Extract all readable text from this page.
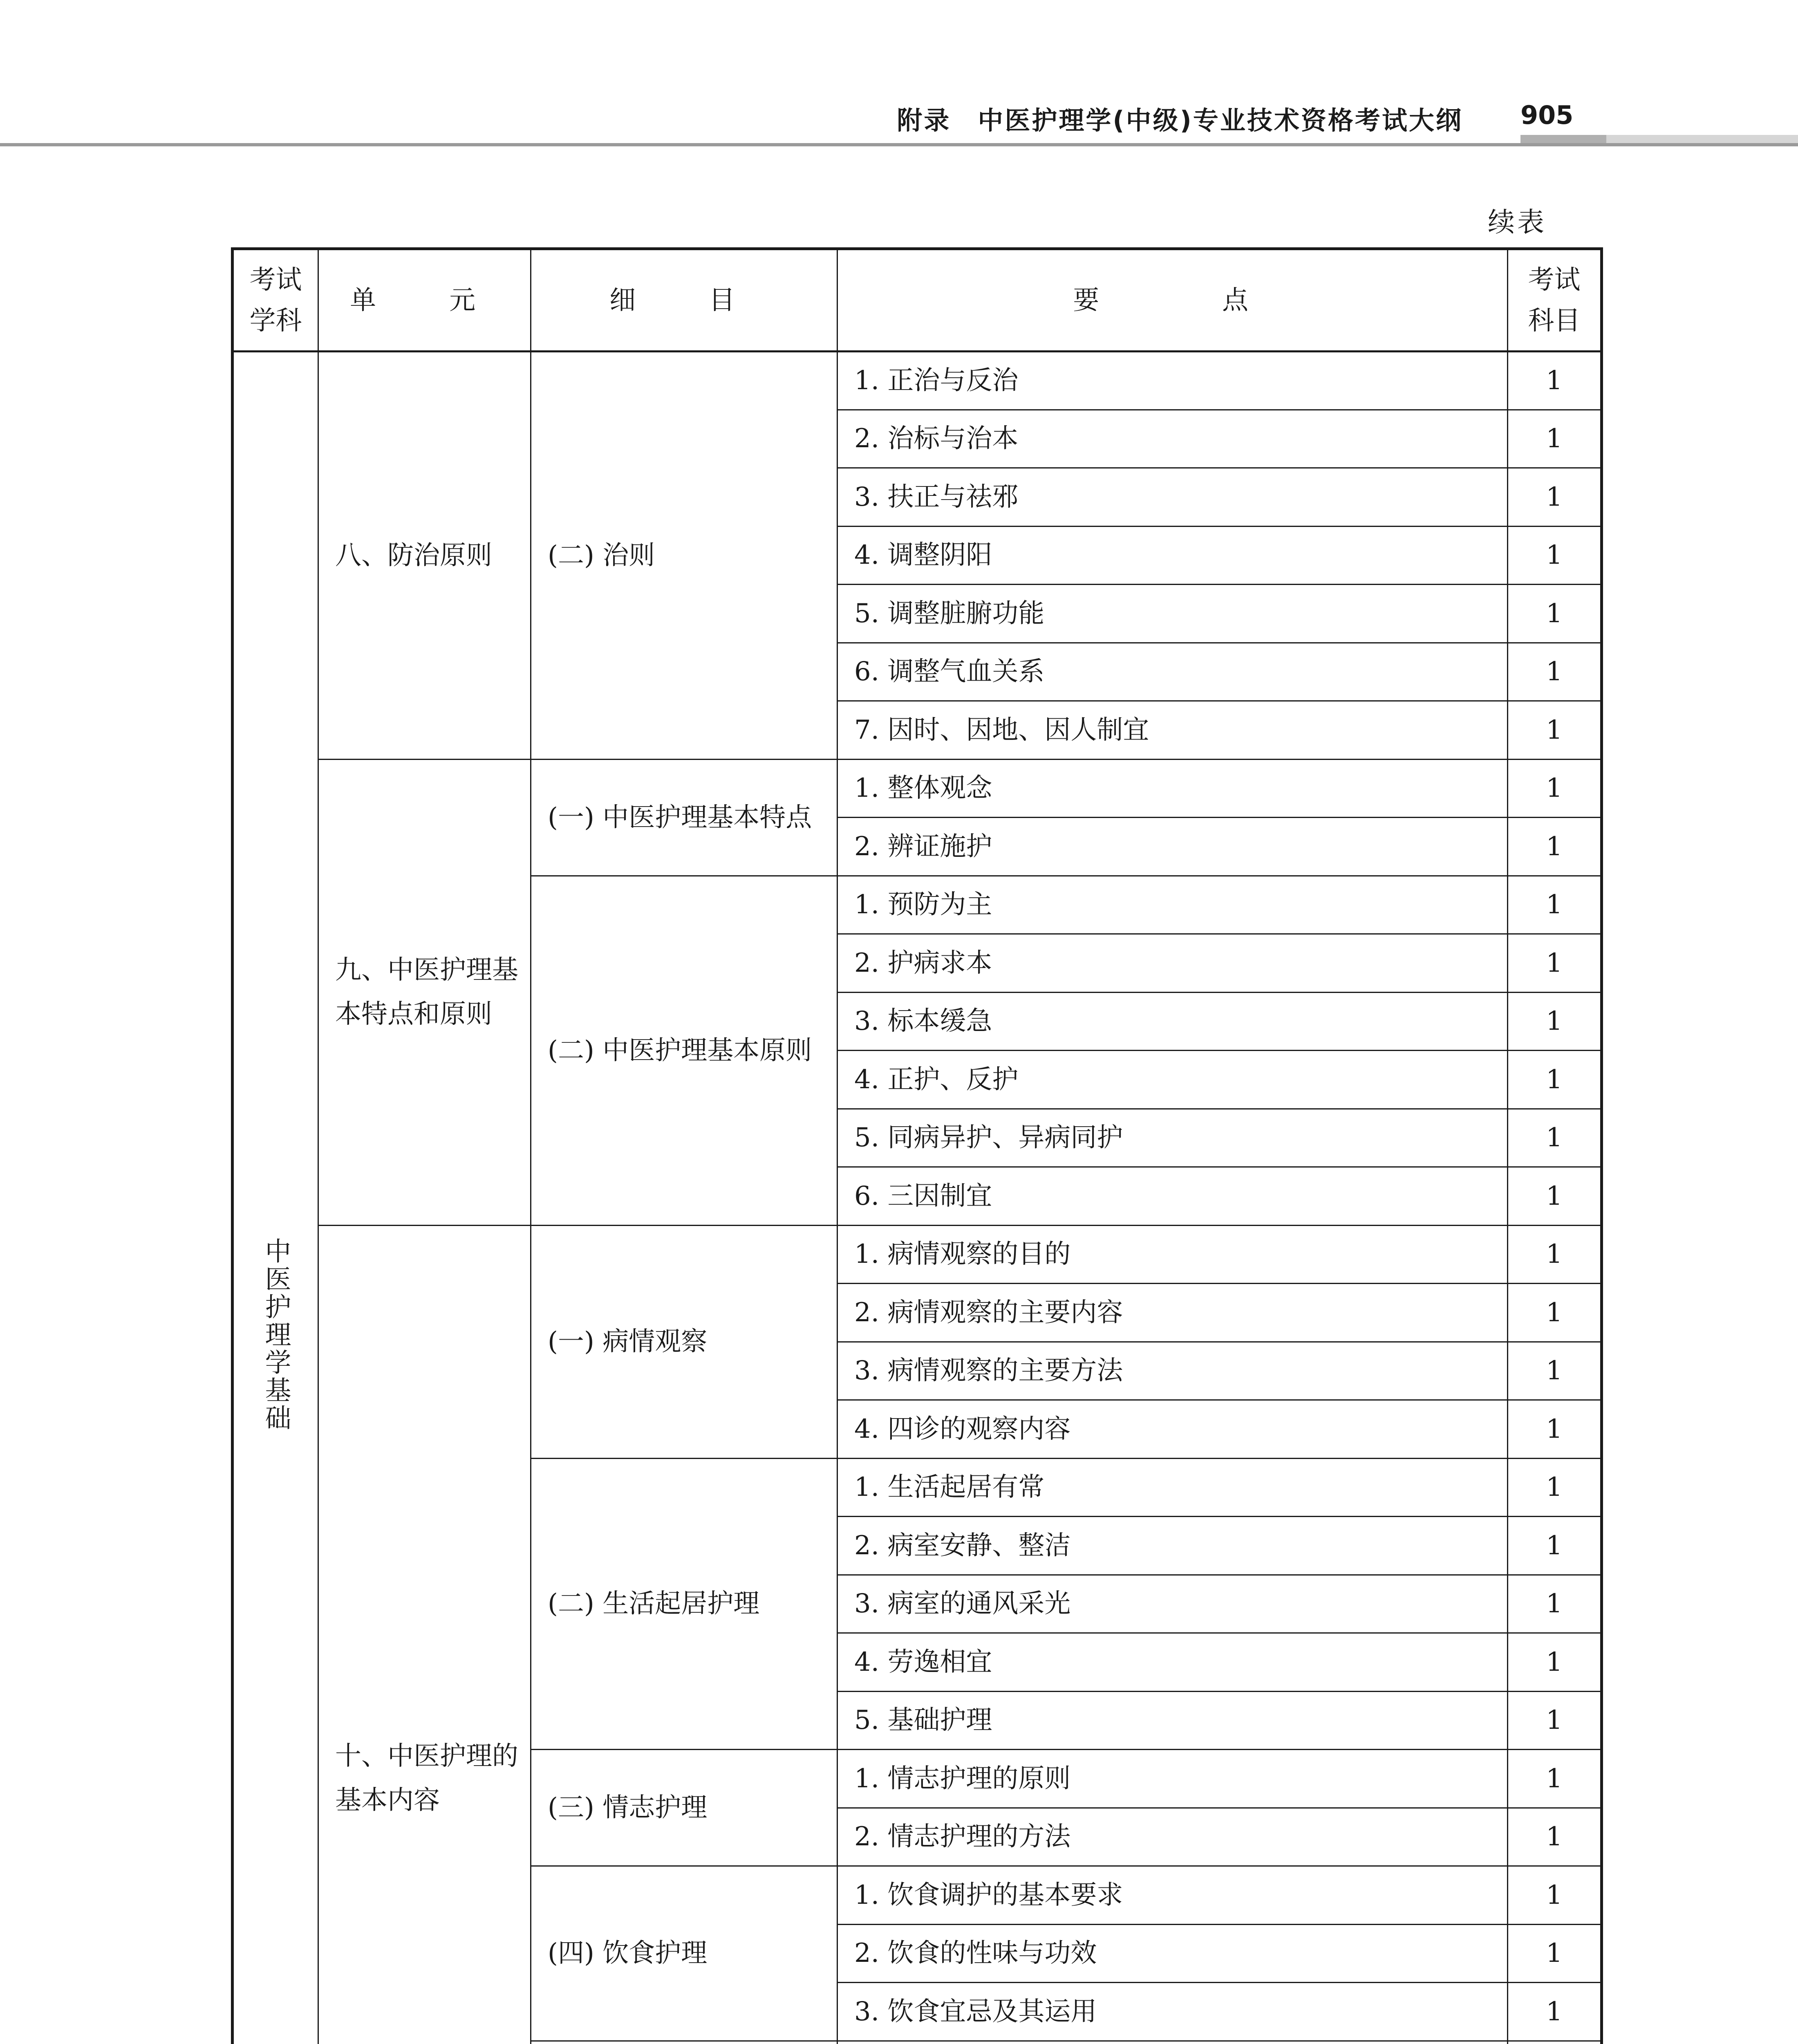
附录　中医护理学(中级)专业技术资格考试大纲 905
续表
考试学科	单　元	细　目	要　　点	考试科目
中医护理学基础	八、防治原则	(二) 治则	1. 正治与反治	1
			2. 治标与治本	1
			3. 扶正与祛邪	1
			4. 调整阴阳	1
			5. 调整脏腑功能	1
			6. 调整气血关系	1
			7. 因时、因地、因人制宜	1
	九、中医护理基本特点和原则	(一) 中医护理基本特点	1. 整体观念	1
			2. 辨证施护	1
		(二) 中医护理基本原则	1. 预防为主	1
			2. 护病求本	1
			3. 标本缓急	1
			4. 正护、反护	1
			5. 同病异护、异病同护	1
			6. 三因制宜	1
	十、中医护理的基本内容	(一) 病情观察	1. 病情观察的目的	1
			2. 病情观察的主要内容	1
			3. 病情观察的主要方法	1
			4. 四诊的观察内容	1
		(二) 生活起居护理	1. 生活起居有常	1
			2. 病室安静、整洁	1
			3. 病室的通风采光	1
			4. 劳逸相宜	1
			5. 基础护理	1
		(三) 情志护理	1. 情志护理的原则	1
			2. 情志护理的方法	1
		(四) 饮食护理	1. 饮食调护的基本要求	1
			2. 饮食的性味与功效	1
			3. 饮食宜忌及其运用	1
